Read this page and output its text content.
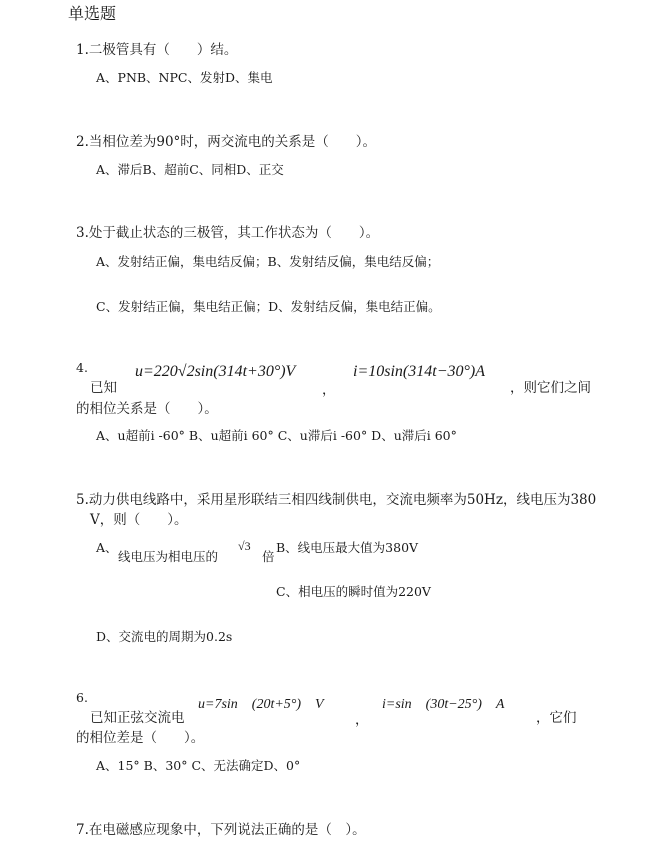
单选题
1.二极管具有（　　）结。
A、PNB、NPC、发射D、集电
2.当相位差为90°时，两交流电的关系是（　　）。
A、滞后B、超前C、同相D、正交
3.处于截止状态的三极管，其工作状态为（　　）。
A、发射结正偏，集电结反偏；B、发射结反偏，集电结反偏；
C、发射结正偏，集电结正偏；D、发射结反偏，集电结正偏。
4.
已知
u=220√2sin(314t+30°)V
，
i=10sin(314t−30°)A
，则它们之间
的相位关系是（　　）。
A、u超前i -60° B、u超前i 60° C、u滞后i -60° D、u滞后i 60°
5.动力供电线路中，采用星形联结三相四线制供电，交流电频率为50Hz，线电压为380
V，则（　　）。
A、
线电压为相电压的
√3
倍
B、线电压最大值为380V
C、相电压的瞬时值为220V
D、交流电的周期为0.2s
6.
已知正弦交流电
u=7sin　(20t+5°)　V
，
i=sin　(30t−25°)　A
，它们
的相位差是（　　）。
A、15° B、30° C、无法确定D、0°
7.在电磁感应现象中，下列说法正确的是（　）。
